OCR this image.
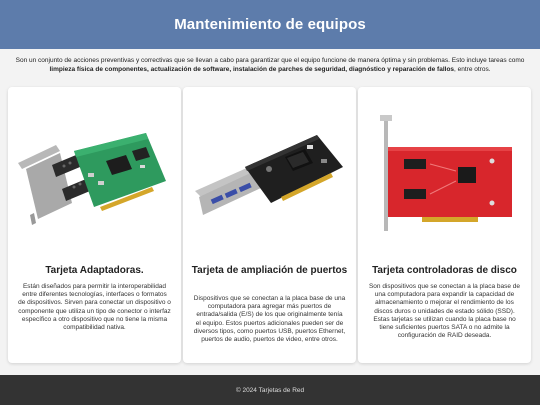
Mantenimiento de equipos

Son un conjunto de acciones preventivas y correctivas que se llevan a cabo para garantizar que el equipo funcione de manera óptima y sin problemas. Esto incluye tareas como limpieza física de componentes, actualización de software, instalación de parches de seguridad, diagnóstico y reparación de fallos, entre otros.

Tarjeta Adaptadoras.
Están diseñados para permitir la interoperabilidad entre diferentes tecnologías, interfaces o formatos de dispositivos. Sirven para conectar un dispositivo o componente que utiliza un tipo de conector o interfaz específico a otro dispositivo que no tiene la misma compatibilidad nativa.
Tarjeta de ampliación de puertos
Dispositivos que se conectan a la placa base de una computadora para agregar más puertos de entrada/salida (E/S) de los que originalmente tenía el equipo. Estos puertos adicionales pueden ser de diversos tipos, como puertos USB, puertos Ethernet, puertos de audio, puertos de video, entre otros.
Tarjeta controladoras de disco
Son dispositivos que se conectan a la placa base de una computadora para expandir la capacidad de almacenamiento o mejorar el rendimiento de los discos duros o unidades de estado sólido (SSD). Estas tarjetas se utilizan cuando la placa base no tiene suficientes puertos SATA o no admite la configuración de RAID deseada.
© 2024 Tarjetas de Red
